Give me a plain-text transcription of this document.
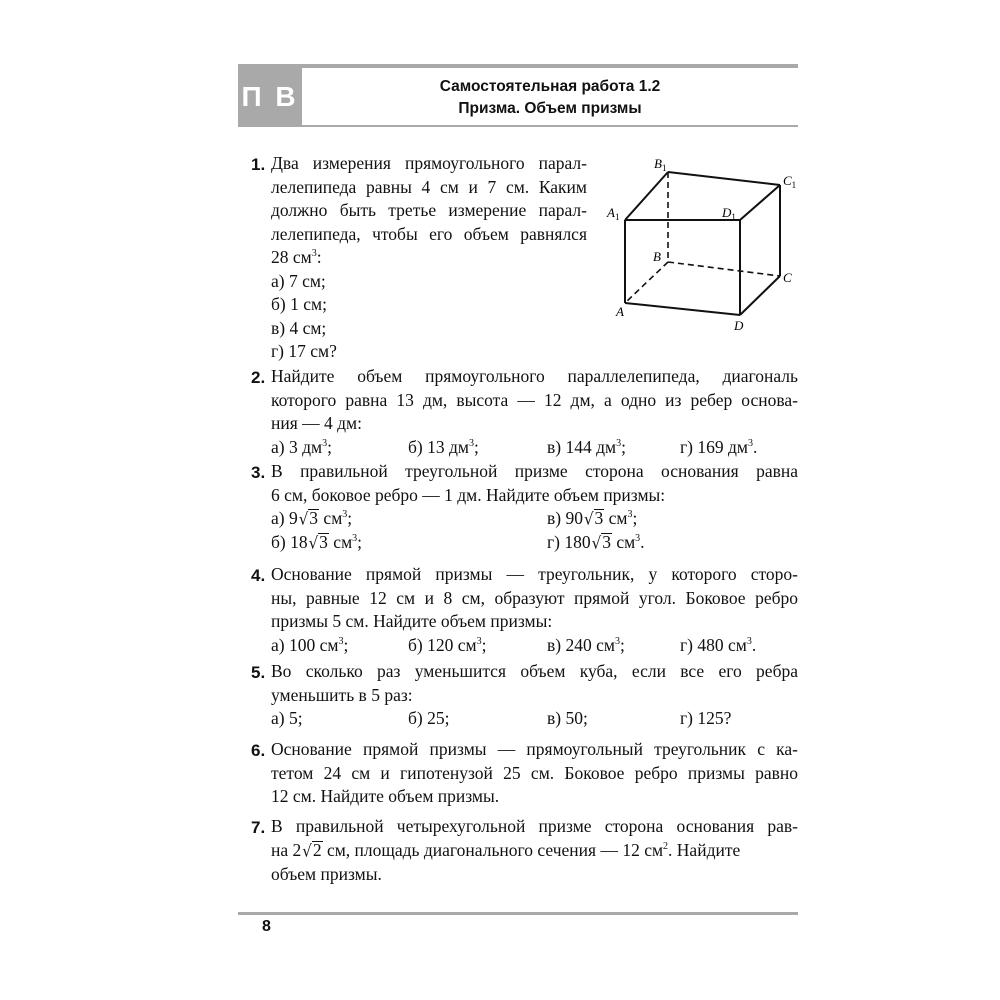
П В	Самостоятельная работа 1.2
Призма. Объем призмы
B1
C1
A1	D1
B
C
A
D
1. Два измерения прямоугольного парал-
лелепипеда равны 4 см и 7 см. Каким
должно быть третье измерение парал-
лелепипеда, чтобы его объем равнялся
28 $см^3$:
а) 7 см;
б) 1 см;
в) 4 см;
г) 17 см?
2. Найдите объем прямоугольного параллелепипеда, диагональ
которого равна 13 дм, высота — 12 дм, а одно из ребер основа-
ния — 4 дм:
а) 3 $дм^3$;	б) 13 $дм^3$;	в) 144 $дм^3$;	г) 169 $дм^3$.
3. В правильной треугольной призме сторона основания равна
6 см, боковое ребро — 1 дм. Найдите объем призмы:
а) 9√3 $см^3$;	в) 90√3 $см^3$;
б) 18√3 $см^3$;	г) 180√3 $см^3$.
4. Основание прямой призмы — треугольник, у которого сторо-
ны, равные 12 см и 8 см, образуют прямой угол. Боковое ребро
призмы 5 см. Найдите объем призмы:
а) 100 $см^3$;	б) 120 $см^3$;	в) 240 $см^3$;	г) 480 $см^3$.
5. Во сколько раз уменьшится объем куба, если все его ребра
уменьшить в 5 раз:
а) 5;	б) 25;	в) 50;	г) 125?
6. Основание прямой призмы — прямоугольный треугольник с ка-
тетом 24 см и гипотенузой 25 см. Боковое ребро призмы равно
12 см. Найдите объем призмы.
7. В правильной четырехугольной призме сторона основания рав-
на 2√2 см, площадь диагонального сечения — 12 $см^2$. Найдите
объем призмы.
8
